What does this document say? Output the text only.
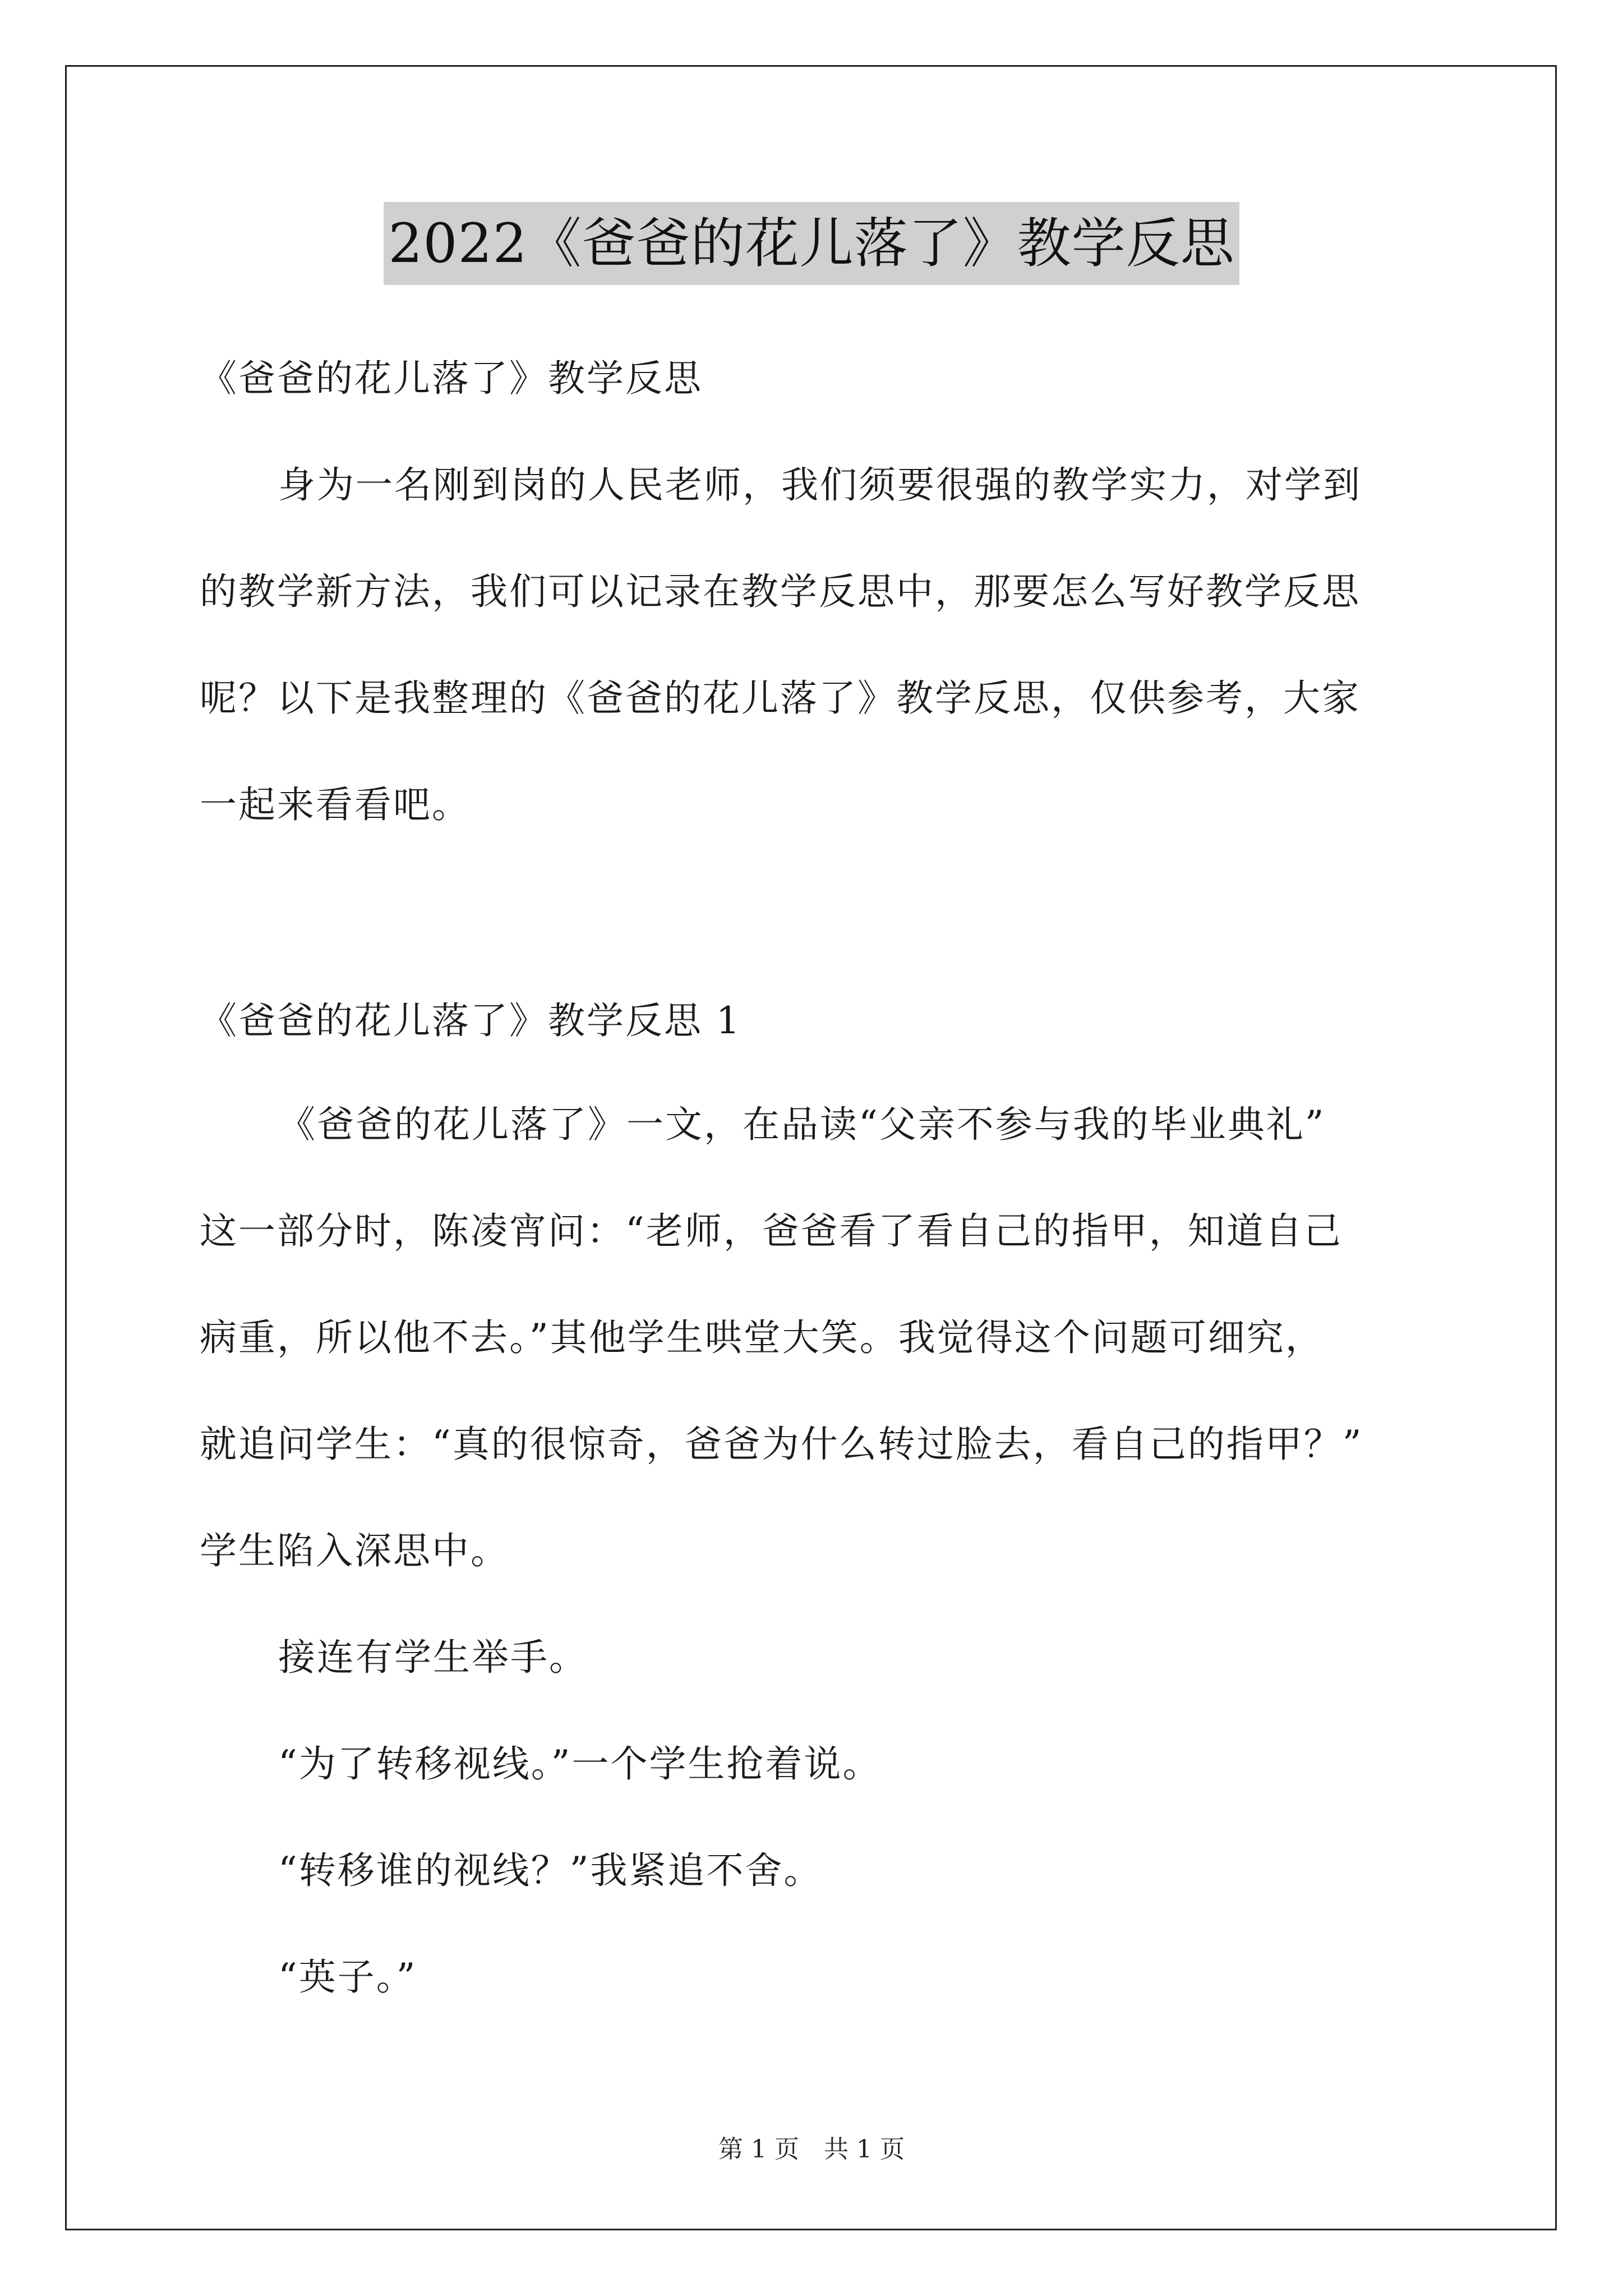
2022《爸爸的花儿落了》教学反思
《爸爸的花儿落了》教学反思
身为一名刚到岗的人民老师，我们须要很强的教学实力，对学到
的教学新方法，我们可以记录在教学反思中，那要怎么写好教学反思
呢？以下是我整理的《爸爸的花儿落了》教学反思，仅供参考，大家
一起来看看吧。
《爸爸的花儿落了》教学反思 1
《爸爸的花儿落了》一文，在品读“父亲不参与我的毕业典礼”
这一部分时，陈凌宵问：“老师，爸爸看了看自己的指甲，知道自己
病重，所以他不去。”其他学生哄堂大笑。我觉得这个问题可细究，
就追问学生：“真的很惊奇，爸爸为什么转过脸去，看自己的指甲？”
学生陷入深思中。
接连有学生举手。
“为了转移视线。”一个学生抢着说。
“转移谁的视线？”我紧追不舍。
“英子。”
第 1 页　共 1 页
